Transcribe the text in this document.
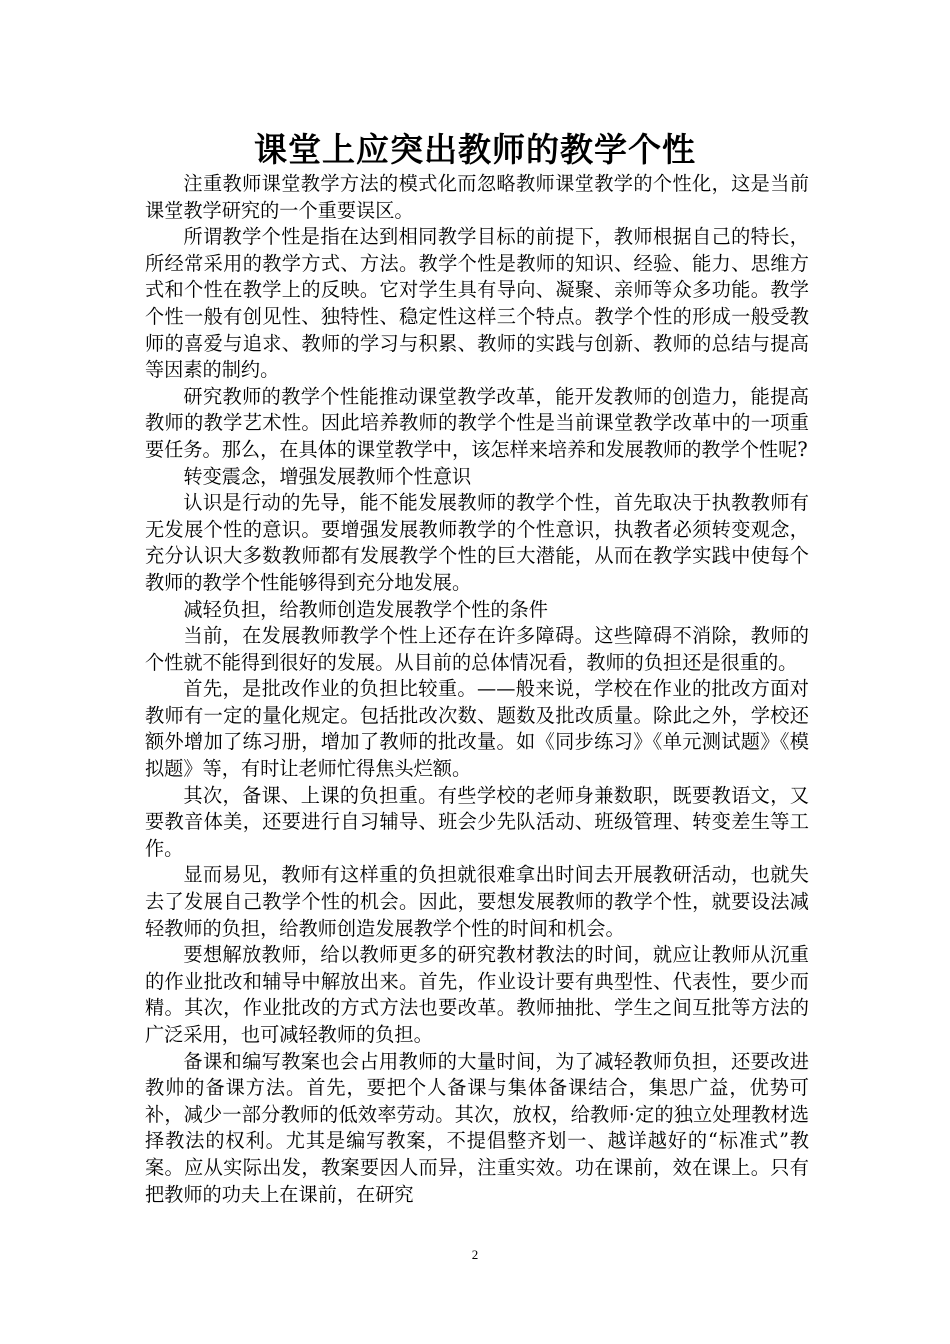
课堂上应突出教师的教学个性

注重教师课堂教学方法的模式化而忽略教师课堂教学的个性化，这是当前课堂教学研究的一个重要误区。

所谓教学个性是指在达到相同教学目标的前提下，教师根据自己的特长，所经常采用的教学方式、方法。教学个性是教师的知识、经验、能力、思维方式和个性在教学上的反映。它对学生具有导向、凝聚、亲师等众多功能。教学个性一般有创见性、独特性、稳定性这样三个特点。教学个性的形成一般受教师的喜爱与追求、教师的学习与积累、教师的实践与创新、教师的总结与提高等因素的制约。

研究教师的教学个性能推动课堂教学改革，能开发教师的创造力，能提高教师的教学艺术性。因此培养教师的教学个性是当前课堂教学改革中的一项重要任务。那么，在具体的课堂教学中，该怎样来培养和发展教师的教学个性呢?

转变震念，增强发展教师个性意识

认识是行动的先导，能不能发展教师的教学个性，首先取决于执教教师有无发展个性的意识。要增强发展教师教学的个性意识，执教者必须转变观念，充分认识大多数教师都有发展教学个性的巨大潜能，从而在教学实践中使每个教师的教学个性能够得到充分地发展。

减轻负担，给教师创造发展教学个性的条件

当前，在发展教师教学个性上还存在许多障碍。这些障碍不消除，教师的个性就不能得到很好的发展。从目前的总体情况看，教师的负担还是很重的。

首先，是批改作业的负担比较重。——般来说，学校在作业的批改方面对教师有一定的量化规定。包括批改次数、题数及批改质量。除此之外，学校还额外增加了练习册，增加了教师的批改量。如《同步练习》《单元测试题》《模拟题》等，有时让老师忙得焦头烂额。

其次，备课、上课的负担重。有些学校的老师身兼数职，既要教语文，又要教音体美，还要进行自习辅导、班会少先队活动、班级管理、转变差生等工作。

显而易见，教师有这样重的负担就很难拿出时间去开展教研活动，也就失去了发展自己教学个性的机会。因此，要想发展教师的教学个性，就要设法减轻教师的负担，给教师创造发展教学个性的时间和机会。

要想解放教师，给以教师更多的研究教材教法的时间，就应让教师从沉重的作业批改和辅导中解放出来。首先，作业设计要有典型性、代表性，要少而精。其次，作业批改的方式方法也要改革。教师抽批、学生之间互批等方法的广泛采用，也可减轻教师的负担。

备课和编写教案也会占用教师的大量时间，为了减轻教师负担，还要改进教帅的备课方法。首先，要把个人备课与集体备课结合，集思广益，优势可补，减少一部分教师的低效率劳动。其次，放权，给教师·定的独立处理教材选择教法的权利。尤其是编写教案，不提倡整齐划一、越详越好的“标准式”教案。应从实际出发，教案要因人而异，注重实效。功在课前，效在课上。只有把教师的功夫上在课前，在研究

2
